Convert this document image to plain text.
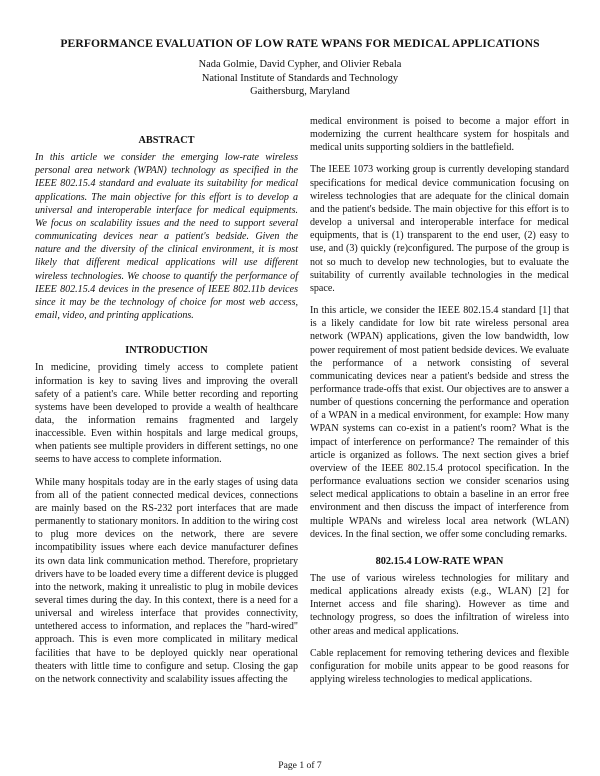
PERFORMANCE EVALUATION OF LOW RATE WPANS FOR MEDICAL APPLICATIONS
Nada Golmie, David Cypher, and Olivier Rebala
National Institute of Standards and Technology
Gaithersburg, Maryland
ABSTRACT

In this article we consider the emerging low-rate wireless personal area network (WPAN) technology as specified in the IEEE 802.15.4 standard and evaluate its suitability for medical applications. The main objective for this effort is to develop a universal and interoperable interface for medical equipments. We focus on scalability issues and the need to support several communicating devices near a patient's bedside. Given the nature and the diversity of the clinical environment, it is most likely that different medical applications will use different wireless technologies. We choose to quantify the performance of IEEE 802.15.4 devices in the presence of IEEE 802.11b devices since it may be the technology of choice for most web access, email, video, and printing applications.

INTRODUCTION

In medicine, providing timely access to complete patient information is key to saving lives and improving the overall safety of a patient's care. While better recording and reporting systems have been developed to provide a wealth of healthcare data, the information remains fragmented and largely inaccessible. Even within hospitals and large medical groups, when patients see multiple providers in different settings, no one seems to have access to complete information.

While many hospitals today are in the early stages of using data from all of the patient connected medical devices, connections are mainly based on the RS-232 port interfaces that are made permanently to stationary monitors. In addition to the wiring cost to plug more devices on the network, there are severe incompatibility issues where each device manufacturer defines its own data link communication method. Therefore, proprietary drivers have to be loaded every time a different device is plugged into the network, making it unrealistic to plug in mobile devices several times during the day. In this context, there is a need for a universal and wireless interface that provides connectivity, untethered access to information, and replaces the "hard-wired" approach. This is even more complicated in military medical facilities that have to be deployed quickly near operational theaters with little time to configure and setup. Closing the gap on the network connectivity and scalability issues affecting the

medical environment is poised to become a major effort in modernizing the current healthcare system for hospitals and medical units supporting soldiers in the battlefield.

The IEEE 1073 working group is currently developing standard specifications for medical device communication focusing on wireless technologies that are adequate for the clinical domain and the patient's bedside. The main objective for this effort is to develop a universal and interoperable interface for medical equipments, that is (1) transparent to the end user, (2) easy to use, and (3) quickly (re)configured. The purpose of the group is not so much to develop new technologies, but to evaluate the suitability of currently available technologies in the medical space.

In this article, we consider the IEEE 802.15.4 standard [1] that is a likely candidate for low bit rate wireless personal area network (WPAN) applications, given the low bandwidth, low power requirement of most patient bedside devices. We evaluate the performance of a network consisting of several communicating devices near a patient's bedside and stress the performance trade-offs that exist. Our objectives are to answer a number of questions concerning the performance and operation of a WPAN in a medical environment, for example: How many WPAN systems can co-exist in a patient's room? What is the impact of interference on performance? The remainder of this article is organized as follows. The next section gives a brief overview of the IEEE 802.15.4 protocol specification. In the performance evaluations section we consider scenarios using select medical applications to obtain a baseline in an error free environment and then discuss the impact of interference from multiple WPANs and wireless local area network (WLAN) devices. In the final section, we offer some concluding remarks.

802.15.4 LOW-RATE WPAN

The use of various wireless technologies for military and medical applications already exists (e.g., WLAN) [2] for Internet access and file sharing). However as time and technology progress, so does the infiltration of wireless into other areas and medical applications.

Cable replacement for removing tethering devices and flexible configuration for mobile units appear to be good reasons for applying wireless technologies to medical applications.

Page 1 of 7
